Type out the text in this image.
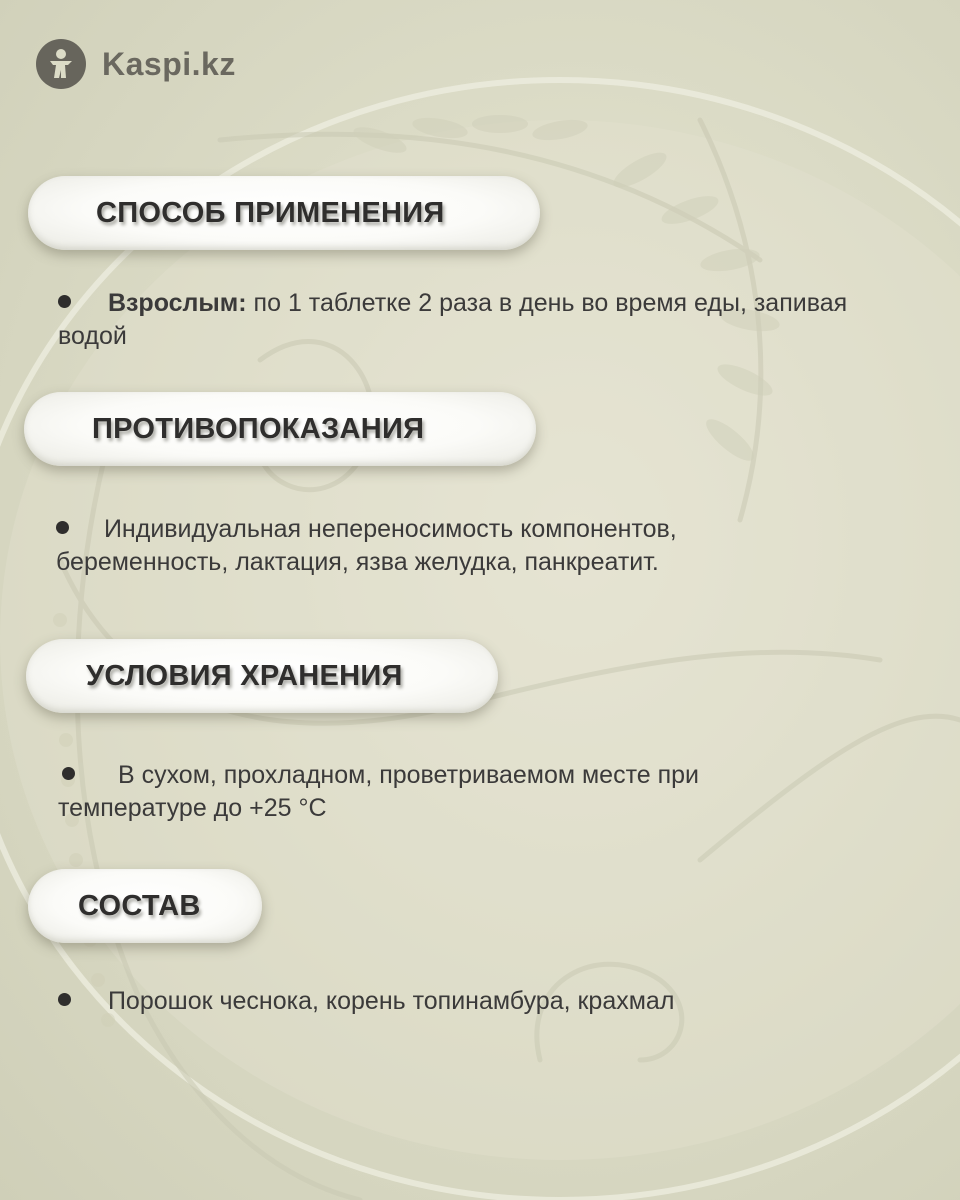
Kaspi.kz
СПОСОБ ПРИМЕНЕНИЯ
Взрослым: по 1 таблетке 2 раза в день во время еды, запивая
водой
ПРОТИВОПОКАЗАНИЯ
Индивидуальная непереносимость компонентов,
беременность, лактация, язва желудка, панкреатит.
УСЛОВИЯ ХРАНЕНИЯ
В сухом, прохладном, проветриваемом месте при
температуре до +25 °C
СОСТАВ
Порошок чеснока, корень топинамбура, крахмал
